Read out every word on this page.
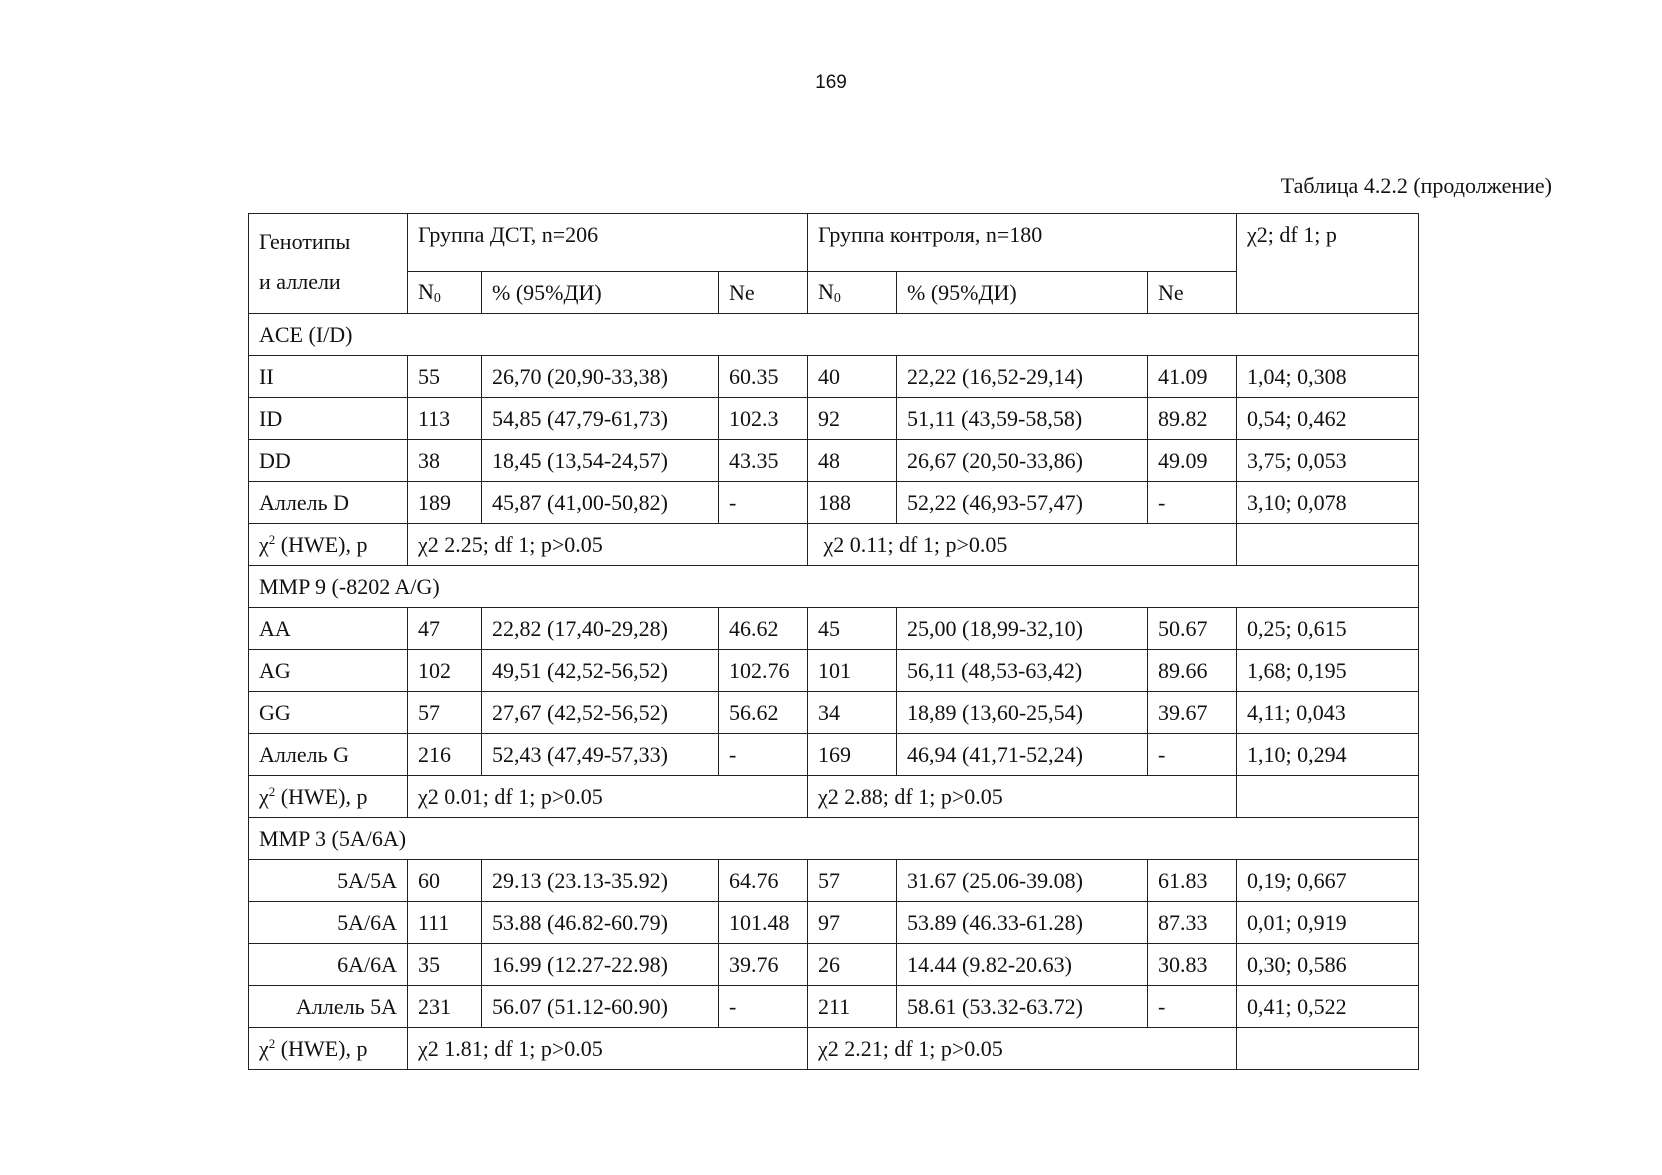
169
Таблица 4.2.2 (продолжение)
Генотипы
и аллели	Группа ДСТ, n=206			Группа контроля, n=180			χ2; df 1; p
	N0	% (95%ДИ)	Ne	N0	% (95%ДИ)	Ne	
ACE (I/D)							
II	55	26,70 (20,90-33,38)	60.35	40	22,22 (16,52-29,14)	41.09	1,04; 0,308
ID	113	54,85 (47,79-61,73)	102.3	92	51,11 (43,59-58,58)	89.82	0,54; 0,462
DD	38	18,45 (13,54-24,57)	43.35	48	26,67 (20,50-33,86)	49.09	3,75; 0,053
Аллель D	189	45,87 (41,00-50,82)	-	188	52,22 (46,93-57,47)	-	3,10; 0,078
$\chi^2$ (HWE), p	χ2 2.25; df 1; p>0.05			χ2 0.11; df 1; p>0.05			
MMP 9 (-8202 A/G)							
AA	47	22,82 (17,40-29,28)	46.62	45	25,00 (18,99-32,10)	50.67	0,25; 0,615
AG	102	49,51 (42,52-56,52)	102.76	101	56,11 (48,53-63,42)	89.66	1,68; 0,195
GG	57	27,67 (42,52-56,52)	56.62	34	18,89 (13,60-25,54)	39.67	4,11; 0,043
Аллель G	216	52,43 (47,49-57,33)	-	169	46,94 (41,71-52,24)	-	1,10; 0,294
$\chi^2$ (HWE), p	χ2 0.01; df 1; p>0.05			χ2 2.88; df 1; p>0.05			
MMP 3 (5A/6A)							
5A/5A	60	29.13 (23.13-35.92)	64.76	57	31.67 (25.06-39.08)	61.83	0,19; 0,667
5A/6A	111	53.88 (46.82-60.79)	101.48	97	53.89 (46.33-61.28)	87.33	0,01; 0,919
6A/6A	35	16.99 (12.27-22.98)	39.76	26	14.44 (9.82-20.63)	30.83	0,30; 0,586
Аллель 5A	231	56.07 (51.12-60.90)	-	211	58.61 (53.32-63.72)	-	0,41; 0,522
$\chi^2$ (HWE), p	χ2 1.81; df 1; p>0.05			χ2 2.21; df 1; p>0.05			
